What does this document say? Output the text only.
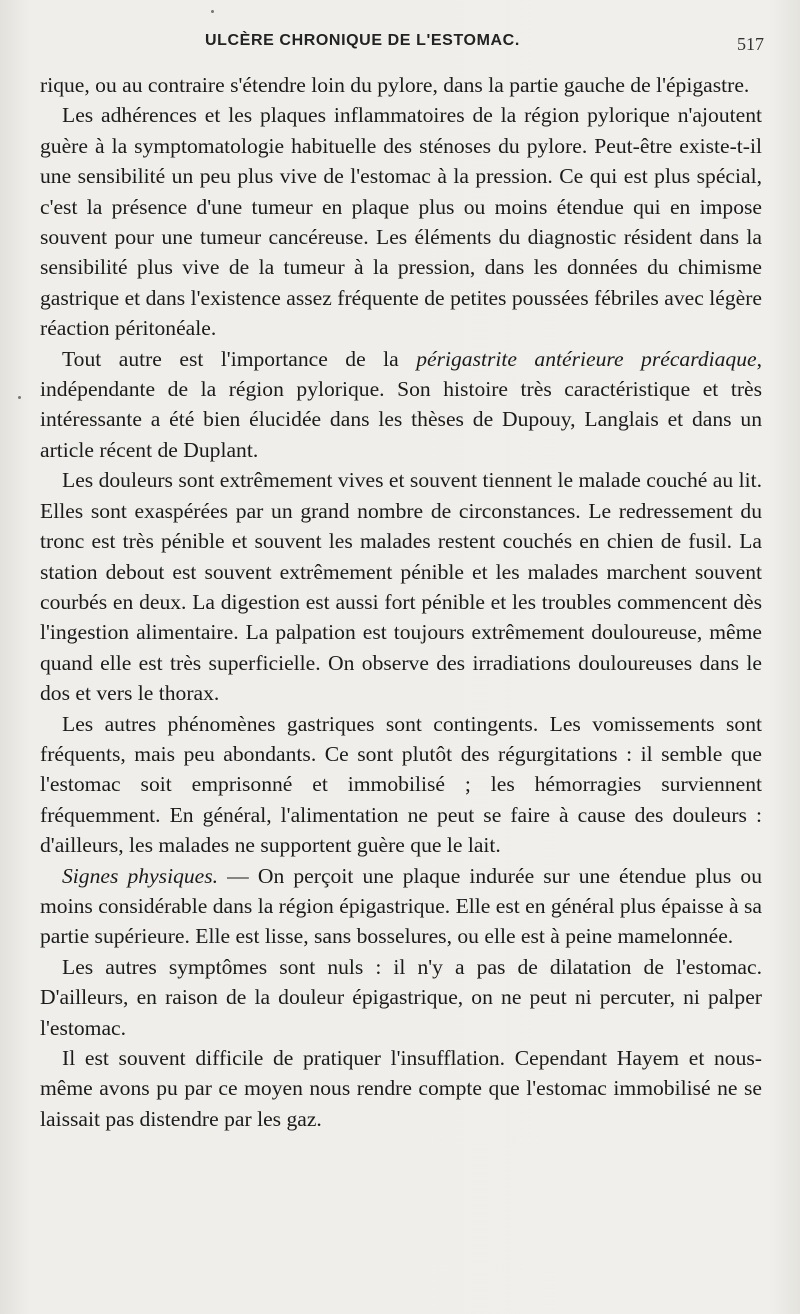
ULCÈRE CHRONIQUE DE L'ESTOMAC.	517

rique, ou au contraire s'étendre loin du pylore, dans la partie gauche de l'épigastre.

Les adhérences et les plaques inflammatoires de la région pylorique n'ajoutent guère à la symptomatologie habituelle des sténoses du pylore. Peut-être existe-t-il une sensibilité un peu plus vive de l'estomac à la pression. Ce qui est plus spécial, c'est la présence d'une tumeur en plaque plus ou moins étendue qui en impose souvent pour une tumeur cancéreuse. Les éléments du diagnostic résident dans la sensibilité plus vive de la tumeur à la pression, dans les données du chimisme gastrique et dans l'existence assez fréquente de petites poussées fébriles avec légère réaction péritonéale.

Tout autre est l'importance de la périgastrite antérieure précardiaque, indépendante de la région pylorique. Son histoire très caractéristique et très intéressante a été bien élucidée dans les thèses de Dupouy, Langlais et dans un article récent de Duplant.

Les douleurs sont extrêmement vives et souvent tiennent le malade couché au lit. Elles sont exaspérées par un grand nombre de circonstances. Le redressement du tronc est très pénible et souvent les malades restent couchés en chien de fusil. La station debout est souvent extrêmement pénible et les malades marchent souvent courbés en deux. La digestion est aussi fort pénible et les troubles commencent dès l'ingestion alimentaire. La palpation est toujours extrêmement douloureuse, même quand elle est très superficielle. On observe des irradiations douloureuses dans le dos et vers le thorax.

Les autres phénomènes gastriques sont contingents. Les vomissements sont fréquents, mais peu abondants. Ce sont plutôt des régurgitations : il semble que l'estomac soit emprisonné et immobilisé ; les hémorragies surviennent fréquemment. En général, l'alimentation ne peut se faire à cause des douleurs : d'ailleurs, les malades ne supportent guère que le lait.

Signes physiques. — On perçoit une plaque indurée sur une étendue plus ou moins considérable dans la région épigastrique. Elle est en général plus épaisse à sa partie supérieure. Elle est lisse, sans bosselures, ou elle est à peine mamelonnée.

Les autres symptômes sont nuls : il n'y a pas de dilatation de l'estomac. D'ailleurs, en raison de la douleur épigastrique, on ne peut ni percuter, ni palper l'estomac.

Il est souvent difficile de pratiquer l'insufflation. Cependant Hayem et nous-même avons pu par ce moyen nous rendre compte que l'estomac immobilisé ne se laissait pas distendre par les gaz.
